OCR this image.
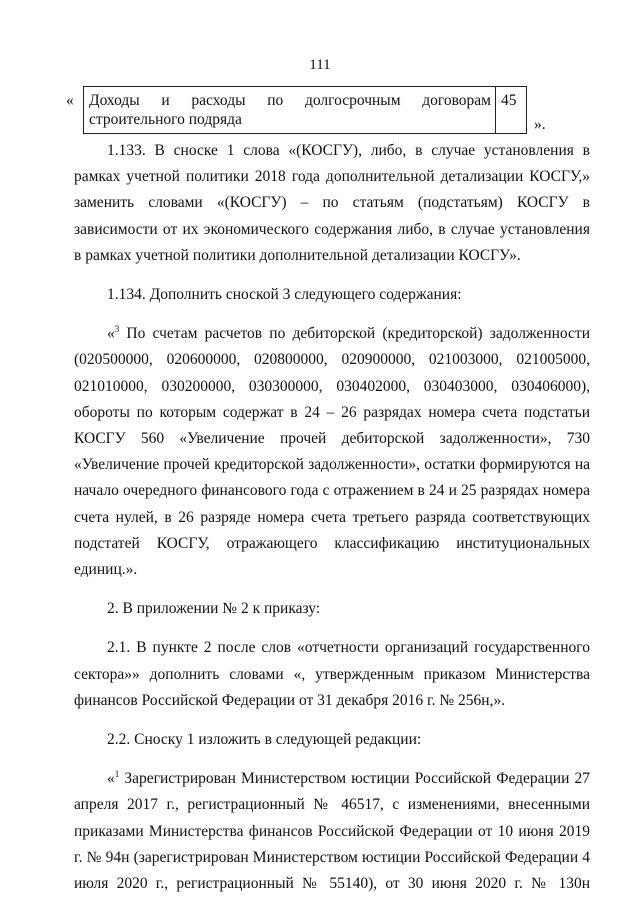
111
« Доходы и расходы по долгосрочным договорам
строительного подряда
45
».

1.133. В сноске 1 слова «(КОСГУ), либо, в случае установления в рамках учетной политики 2018 года дополнительной детализации КОСГУ,» заменить словами «(КОСГУ) – по статьям (подстатьям) КОСГУ в зависимости от их экономического содержания либо, в случае установления в рамках учетной политики дополнительной детализации КОСГУ».

1.134. Дополнить сноской 3 следующего содержания:

«$^3$ По счетам расчетов по дебиторской (кредиторской) задолженности (020500000, 020600000, 020800000, 020900000, 021003000, 021005000, 021010000, 030200000, 030300000, 030402000, 030403000, 030406000), обороты по которым содержат в 24 – 26 разрядах номера счета подстатьи КОСГУ 560 «Увеличение прочей дебиторской задолженности», 730 «Увеличение прочей кредиторской задолженности», остатки формируются на начало очередного финансового года с отражением в 24 и 25 разрядах номера счета нулей, в 26 разряде номера счета третьего разряда соответствующих подстатей КОСГУ, отражающего классификацию институциональных единиц.».

2. В приложении № 2 к приказу:

2.1. В пункте 2 после слов «отчетности организаций государственного сектора»» дополнить словами «, утвержденным приказом Министерства финансов Российской Федерации от 31 декабря 2016 г. № 256н,».

2.2. Сноску 1 изложить в следующей редакции:

«$^1$ Зарегистрирован Министерством юстиции Российской Федерации 27 апреля 2017 г., регистрационный № 46517, с изменениями, внесенными приказами Министерства финансов Российской Федерации от 10 июня 2019 г. № 94н (зарегистрирован Министерством юстиции Российской Федерации 4 июля 2020 г., регистрационный № 55140), от 30 июня 2020 г. № 130н
